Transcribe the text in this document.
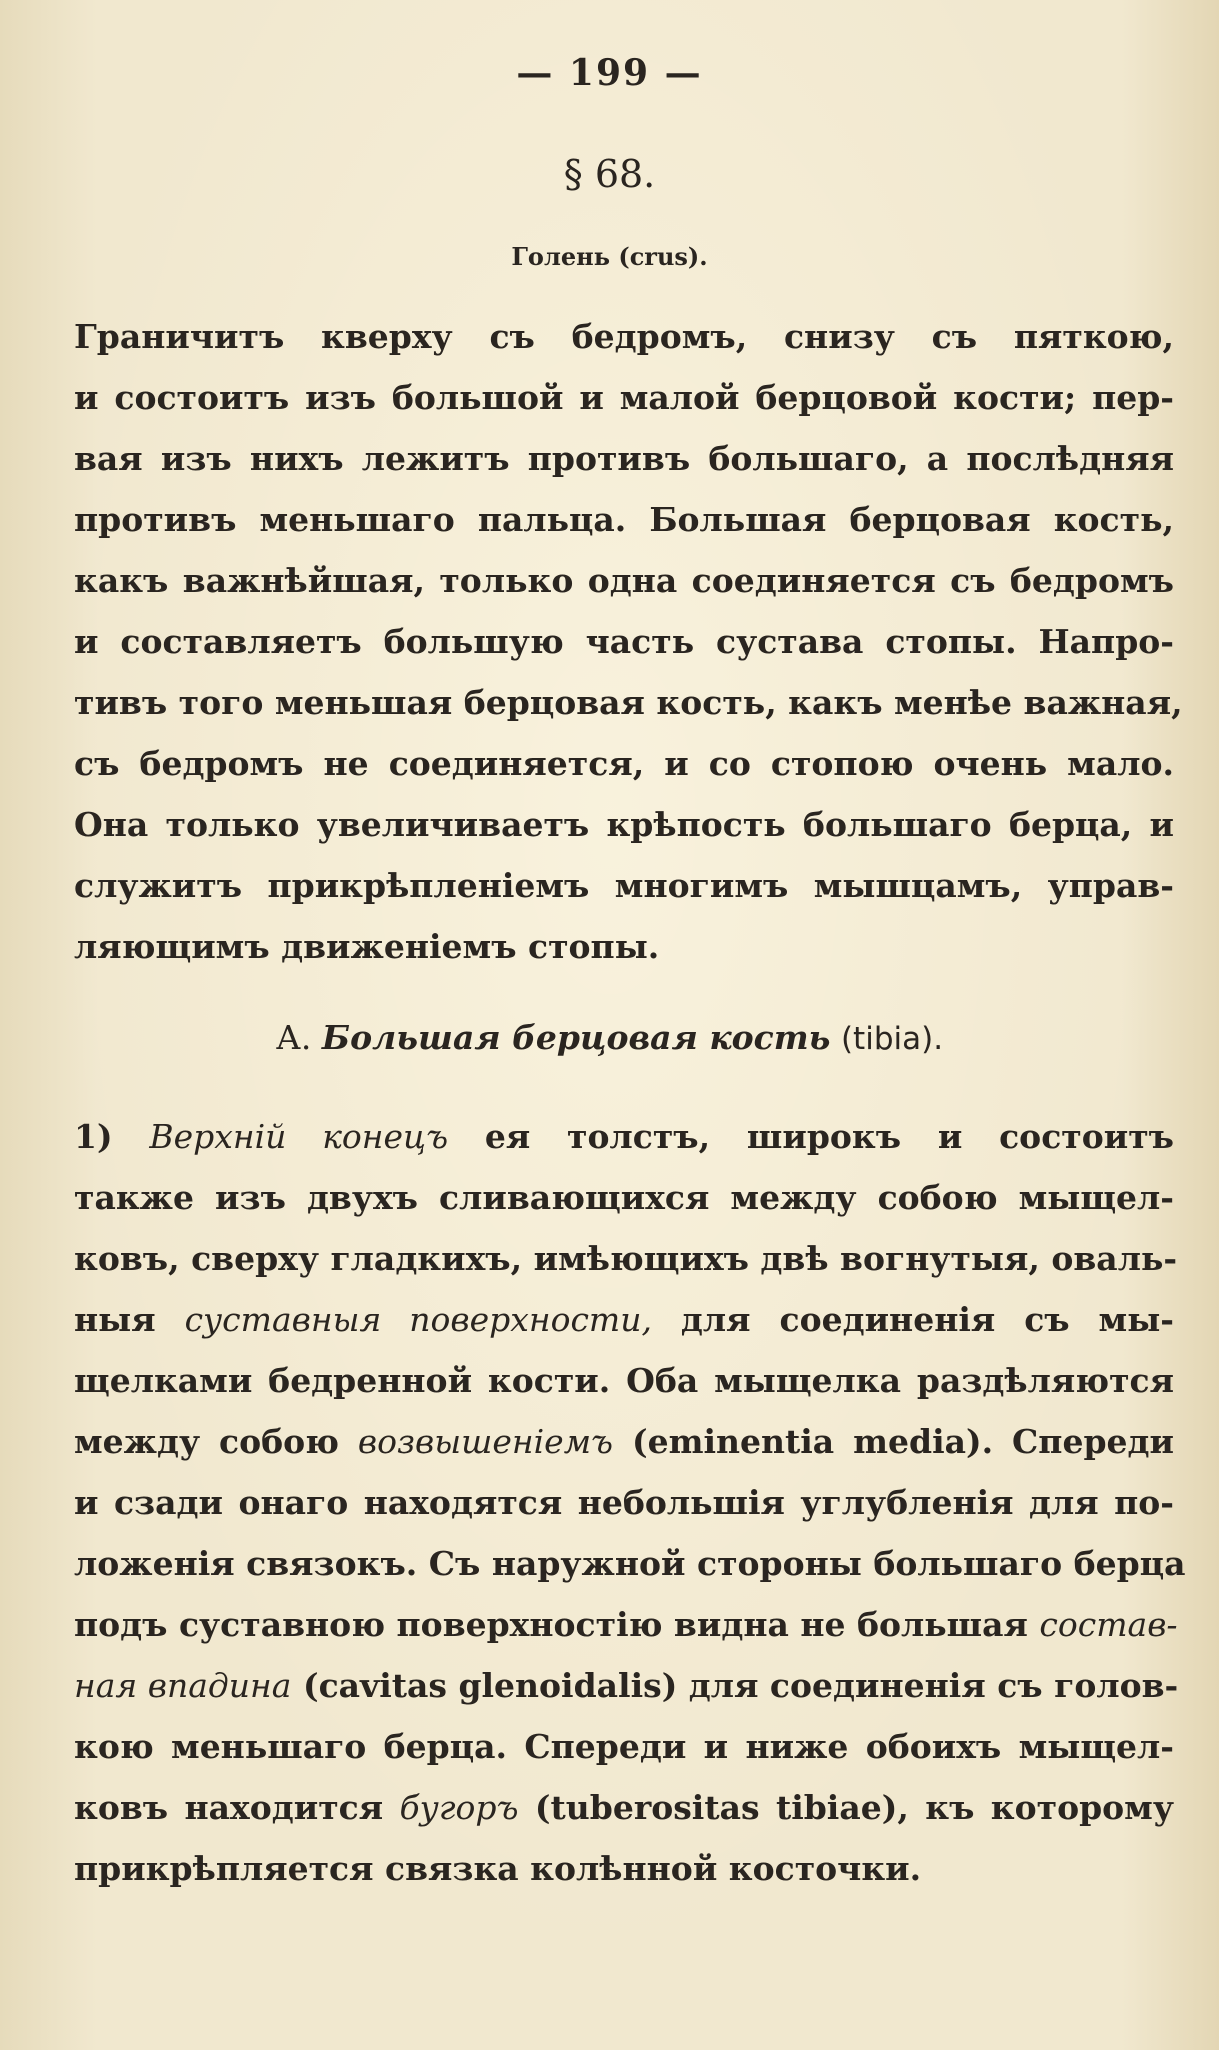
— 199 —
§ 68.
Голень (crus).
Граничитъ кверху съ бедромъ, снизу съ пяткою,
и состоитъ изъ большой и малой берцовой кости; пер-
вая изъ нихъ лежитъ противъ большаго, а послѣдняя
противъ меньшаго пальца. Большая берцовая кость,
какъ важнѣйшая, только одна соединяется съ бедромъ
и составляетъ большую часть сустава стопы. Напро-
тивъ того меньшая берцовая кость, какъ менѣе важная,
съ бедромъ не соединяется, и со стопою очень мало.
Она только увеличиваетъ крѣпость большаго берца, и
служитъ прикрѣпленіемъ многимъ мышцамъ, управ-
ляющимъ движеніемъ стопы.
А. Большая берцовая кость (tibia).
1) Верхній конецъ ея толстъ, широкъ и состоитъ
также изъ двухъ сливающихся между собою мыщел-
ковъ, сверху гладкихъ, имѣющихъ двѣ вогнутыя, оваль-
ныя суставныя поверхности, для соединенія съ мы-
щелками бедренной кости. Оба мыщелка раздѣляются
между собою возвышеніемъ (eminentia media). Спереди
и сзади онаго находятся небольшія углубленія для по-
ложенія связокъ. Съ наружной стороны большаго берца
подъ суставною поверхностію видна не большая состав-
ная впадина (cavitas glenoidalis) для соединенія съ голов-
кою меньшаго берца. Спереди и ниже обоихъ мыщел-
ковъ находится бугоръ (tuberositas tibiae), къ которому
прикрѣпляется связка колѣнной косточки.
